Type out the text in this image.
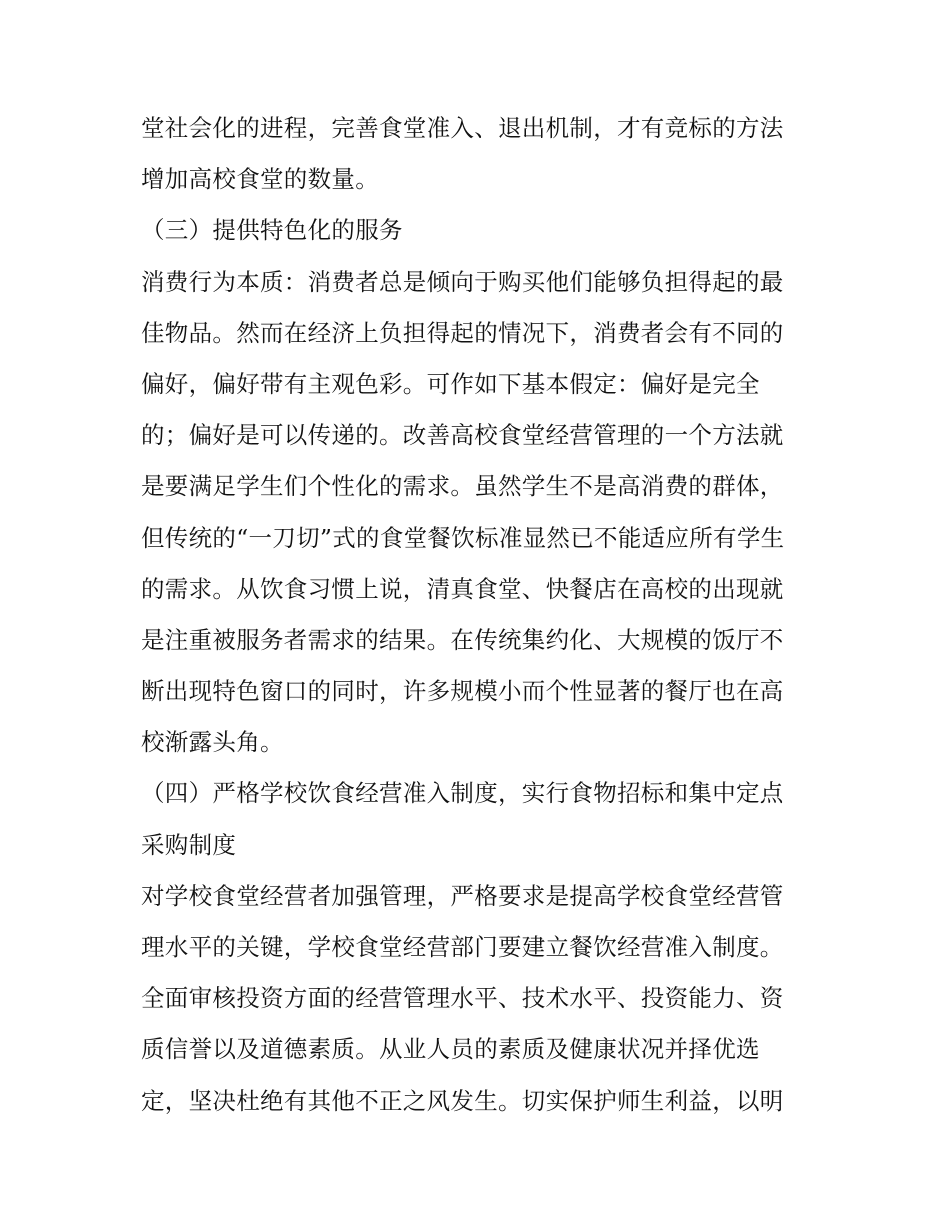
堂社会化的进程，完善食堂准入、退出机制，才有竞标的方法
增加高校食堂的数量。
（三）提供特色化的服务
消费行为本质：消费者总是倾向于购买他们能够负担得起的最
佳物品。然而在经济上负担得起的情况下，消费者会有不同的
偏好，偏好带有主观色彩。可作如下基本假定：偏好是完全
的；偏好是可以传递的。改善高校食堂经营管理的一个方法就
是要满足学生们个性化的需求。虽然学生不是高消费的群体，
但传统的“一刀切”式的食堂餐饮标准显然已不能适应所有学生
的需求。从饮食习惯上说，清真食堂、快餐店在高校的出现就
是注重被服务者需求的结果。在传统集约化、大规模的饭厅不
断出现特色窗口的同时，许多规模小而个性显著的餐厅也在高
校渐露头角。
（四）严格学校饮食经营准入制度，实行食物招标和集中定点
采购制度
对学校食堂经营者加强管理，严格要求是提高学校食堂经营管
理水平的关键，学校食堂经营部门要建立餐饮经营准入制度。
全面审核投资方面的经营管理水平、技术水平、投资能力、资
质信誉以及道德素质。从业人员的素质及健康状况并择优选
定，坚决杜绝有其他不正之风发生。切实保护师生利益，以明
